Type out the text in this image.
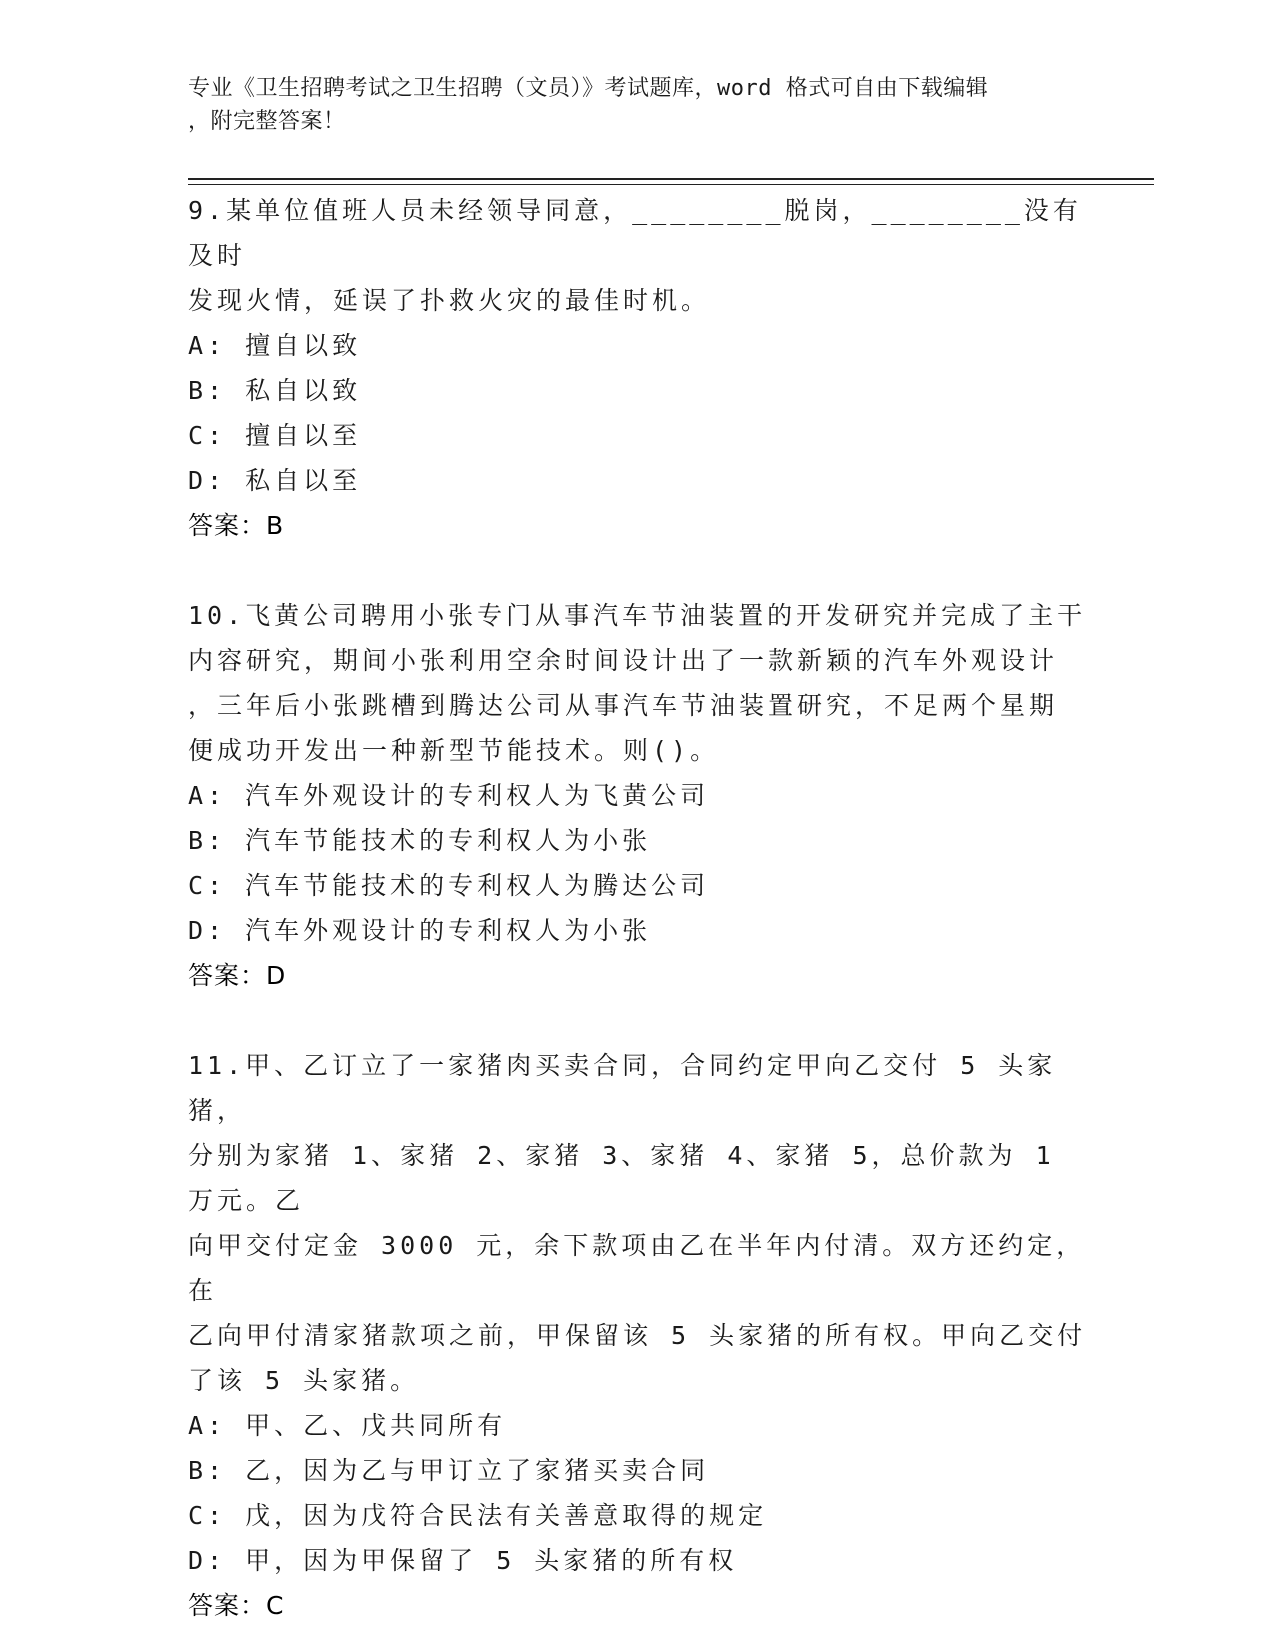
专业《卫生招聘考试之卫生招聘（文员）》考试题库，word 格式可自由下载编辑
，附完整答案！

9.某单位值班人员未经领导同意，________脱岗，________没有及时

发现火情，延误了扑救火灾的最佳时机。

A: 擅自以致

B: 私自以致

C: 擅自以至

D: 私自以至

答案：B

10.飞黄公司聘用小张专门从事汽车节油装置的开发研究并完成了主干

内容研究，期间小张利用空余时间设计出了一款新颖的汽车外观设计

，三年后小张跳槽到腾达公司从事汽车节油装置研究，不足两个星期

便成功开发出一种新型节能技术。则()。

A: 汽车外观设计的专利权人为飞黄公司

B: 汽车节能技术的专利权人为小张

C: 汽车节能技术的专利权人为腾达公司

D: 汽车外观设计的专利权人为小张

答案：D

11.甲、乙订立了一家猪肉买卖合同，合同约定甲向乙交付 5 头家猪，

分别为家猪 1、家猪 2、家猪 3、家猪 4、家猪 5，总价款为 1 万元。乙

向甲交付定金 3000 元，余下款项由乙在半年内付清。双方还约定，在

乙向甲付清家猪款项之前，甲保留该 5 头家猪的所有权。甲向乙交付

了该 5 头家猪。

A: 甲、乙、戊共同所有

B: 乙，因为乙与甲订立了家猪买卖合同

C: 戊，因为戊符合民法有关善意取得的规定

D: 甲，因为甲保留了 5 头家猪的所有权

答案：C
